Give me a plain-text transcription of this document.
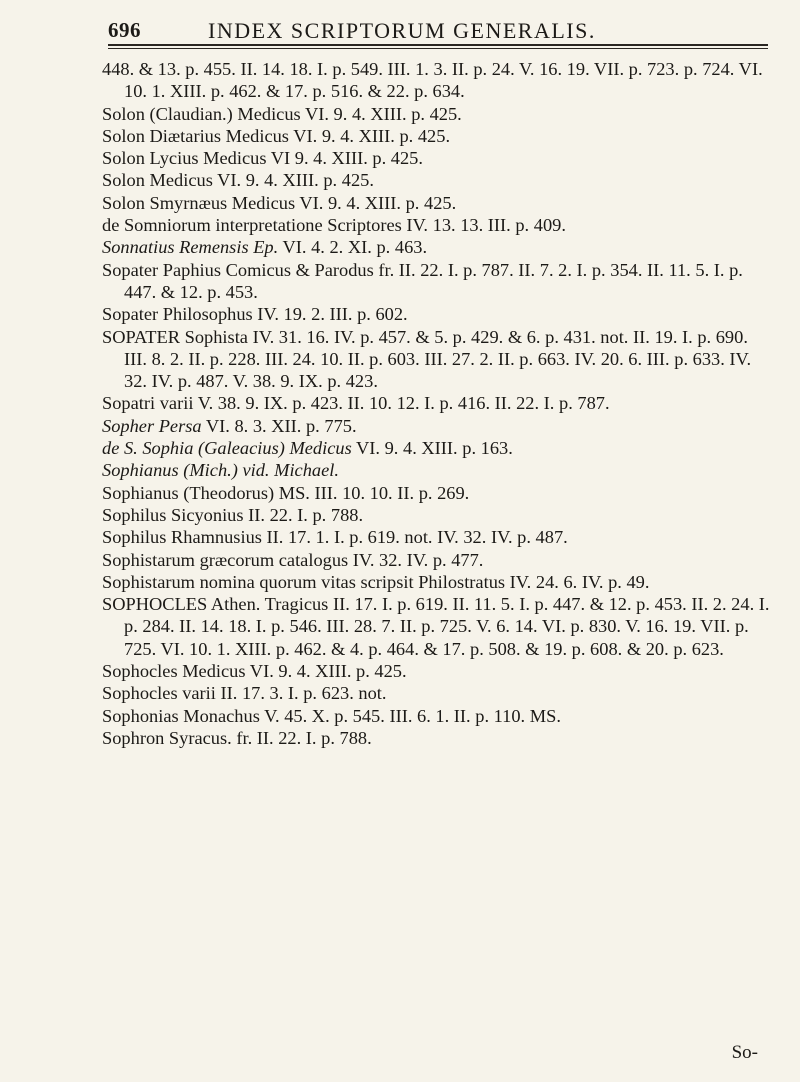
696	INDEX SCRIPTORUM GENERALIS.
448. & 13. p. 455. II. 14. 18. I. p. 549. III. 1. 3. II. p. 24. V. 16. 19. VII. p. 723. p. 724. VI. 10. 1. XIII. p. 462. & 17. p. 516. & 22. p. 634.
Solon (Claudian.) Medicus VI. 9. 4. XIII. p. 425.
Solon Diætarius Medicus VI. 9. 4. XIII. p. 425.
Solon Lycius Medicus VI 9. 4. XIII. p. 425.
Solon Medicus VI. 9. 4. XIII. p. 425.
Solon Smyrnæus Medicus VI. 9. 4. XIII. p. 425.
de Somniorum interpretatione Scriptores IV. 13. 13. III. p. 409.
Sonnatius Remensis Ep. VI. 4. 2. XI. p. 463.
Sopater Paphius Comicus & Parodus fr. II. 22. I. p. 787. II. 7. 2. I. p. 354. II. 11. 5. I. p. 447. & 12. p. 453.
Sopater Philosophus IV. 19. 2. III. p. 602.
SOPATER Sophista IV. 31. 16. IV. p. 457. & 5. p. 429. & 6. p. 431. not. II. 19. I. p. 690. III. 8. 2. II. p. 228. III. 24. 10. II. p. 603. III. 27. 2. II. p. 663. IV. 20. 6. III. p. 633. IV. 32. IV. p. 487. V. 38. 9. IX. p. 423.
Sopatri varii V. 38. 9. IX. p. 423. II. 10. 12. I. p. 416. II. 22. I. p. 787.
Sopher Persa VI. 8. 3. XII. p. 775.
de S. Sophia (Galeacius) Medicus VI. 9. 4. XIII. p. 163.
Sophianus (Mich.) vid. Michael.
Sophianus (Theodorus) MS. III. 10. 10. II. p. 269.
Sophilus Sicyonius II. 22. I. p. 788.
Sophilus Rhamnusius II. 17. 1. I. p. 619. not. IV. 32. IV. p. 487.
Sophistarum græcorum catalogus IV. 32. IV. p. 477.
Sophistarum nomina quorum vitas scripsit Philostratus IV. 24. 6. IV. p. 49.
SOPHOCLES Athen. Tragicus II. 17. I. p. 619. II. 11. 5. I. p. 447. & 12. p. 453. II. 2. 24. I. p. 284. II. 14. 18. I. p. 546. III. 28. 7. II. p. 725. V. 6. 14. VI. p. 830. V. 16. 19. VII. p. 725. VI. 10. 1. XIII. p. 462. & 4. p. 464. & 17. p. 508. & 19. p. 608. & 20. p. 623.
Sophocles Medicus VI. 9. 4. XIII. p. 425.
Sophocles varii II. 17. 3. I. p. 623. not.
Sophonias Monachus V. 45. X. p. 545. III. 6. 1. II. p. 110. MS.
Sophron Syracus. fr. II. 22. I. p. 788.
So-
